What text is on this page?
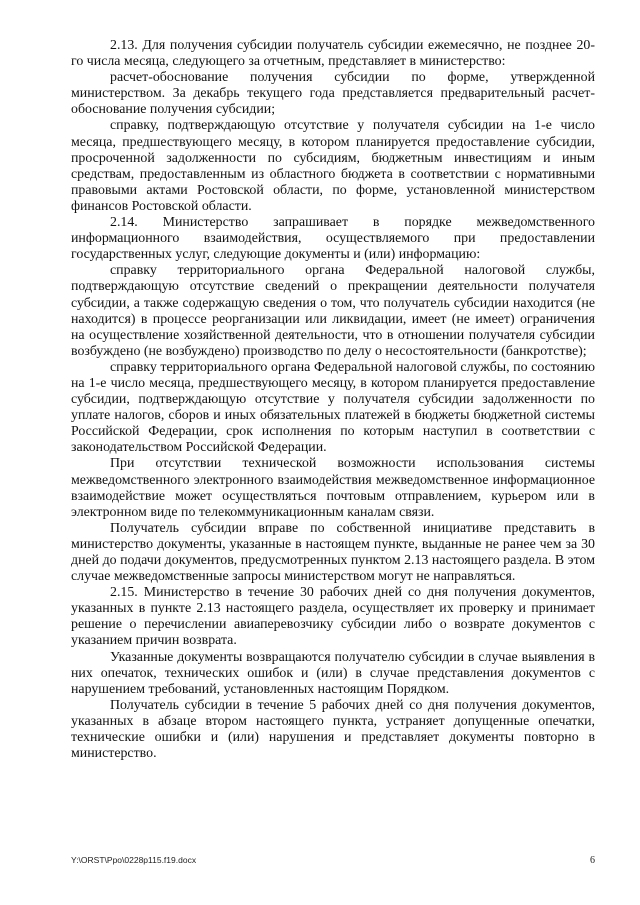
2.13. Для получения субсидии получатель субсидии ежемесячно, не позднее 20-го числа месяца, следующего за отчетным, представляет в министерство:

расчет-обоснование получения субсидии по форме, утвержденной министерством. За декабрь текущего года представляется предварительный расчет-обоснование получения субсидии;

справку, подтверждающую отсутствие у получателя субсидии на 1-е число месяца, предшествующего месяцу, в котором планируется предоставление субсидии, просроченной задолженности по субсидиям, бюджетным инвестициям и иным средствам, предоставленным из областного бюджета в соответствии с нормативными правовыми актами Ростовской области, по форме, установленной министерством финансов Ростовской области.

2.14. Министерство запрашивает в порядке межведомственного информационного взаимодействия, осуществляемого при предоставлении государственных услуг, следующие документы и (или) информацию:

справку территориального органа Федеральной налоговой службы, подтверждающую отсутствие сведений о прекращении деятельности получателя субсидии, а также содержащую сведения о том, что получатель субсидии находится (не находится) в процессе реорганизации или ликвидации, имеет (не имеет) ограничения на осуществление хозяйственной деятельности, что в отношении получателя субсидии возбуждено (не возбуждено) производство по делу о несостоятельности (банкротстве);

справку территориального органа Федеральной налоговой службы, по состоянию на 1-е число месяца, предшествующего месяцу, в котором планируется предоставление субсидии, подтверждающую отсутствие у получателя субсидии задолженности по уплате налогов, сборов и иных обязательных платежей в бюджеты бюджетной системы Российской Федерации, срок исполнения по которым наступил в соответствии с законодательством Российской Федерации.

При отсутствии технической возможности использования системы межведомственного электронного взаимодействия межведомственное информационное взаимодействие может осуществляться почтовым отправлением, курьером или в электронном виде по телекоммуникационным каналам связи.

Получатель субсидии вправе по собственной инициативе представить в министерство документы, указанные в настоящем пункте, выданные не ранее чем за 30 дней до подачи документов, предусмотренных пунктом 2.13 настоящего раздела. В этом случае межведомственные запросы министерством могут не направляться.

2.15. Министерство в течение 30 рабочих дней со дня получения документов, указанных в пункте 2.13 настоящего раздела, осуществляет их проверку и принимает решение о перечислении авиаперевозчику субсидии либо о возврате документов с указанием причин возврата.

Указанные документы возвращаются получателю субсидии в случае выявления в них опечаток, технических ошибок и (или) в случае представления документов с нарушением требований, установленных настоящим Порядком.

Получатель субсидии в течение 5 рабочих дней со дня получения документов, указанных в абзаце втором настоящего пункта, устраняет допущенные опечатки, технические ошибки и (или) нарушения и представляет документы повторно в министерство.

Y:\ORST\Ppo\0228p115.f19.docx	6
